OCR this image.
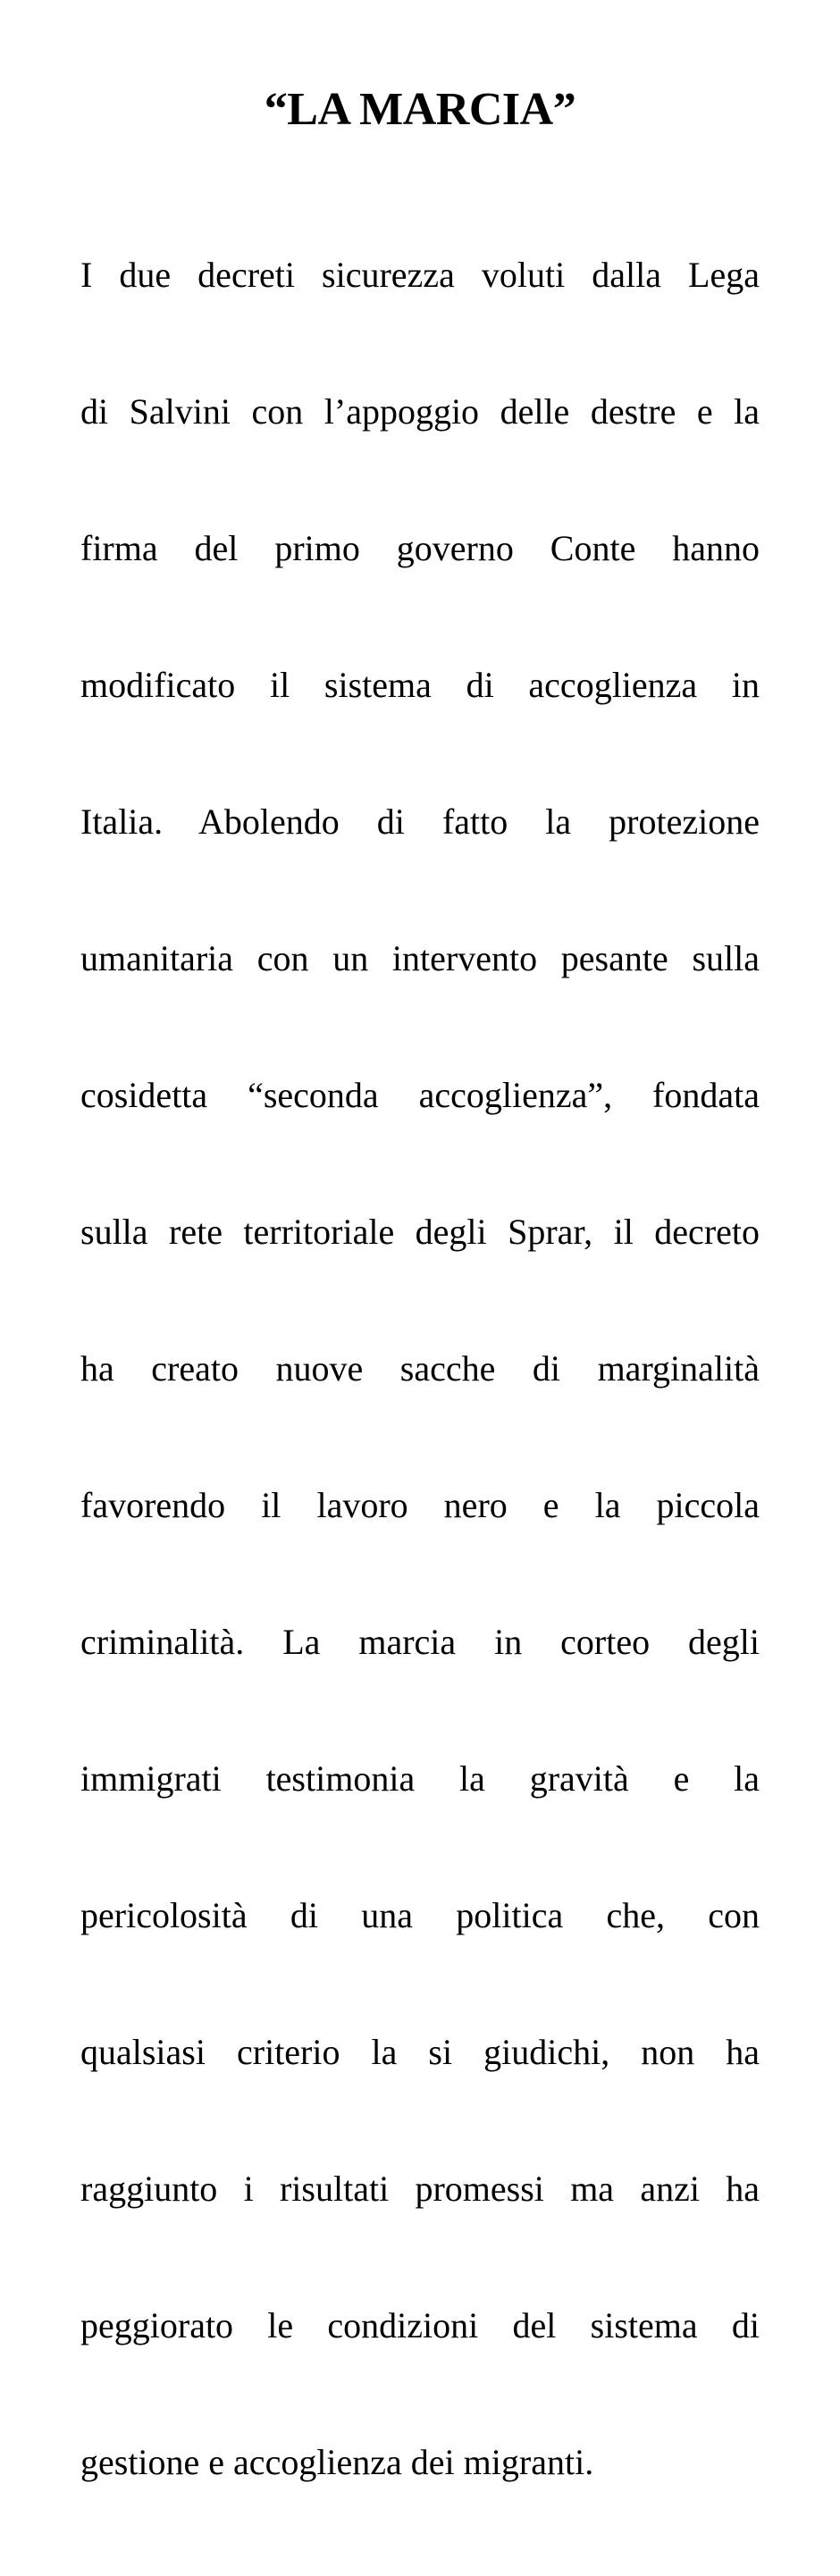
“LA MARCIA”

I due decreti sicurezza voluti dalla Lega

di Salvini con l’appoggio delle destre e la

firma del primo governo Conte hanno

modificato il sistema di accoglienza in

Italia. Abolendo di fatto la protezione

umanitaria con un intervento pesante sulla

cosidetta “seconda accoglienza”, fondata

sulla rete territoriale degli Sprar, il decreto

ha creato nuove sacche di marginalità

favorendo il lavoro nero e la piccola

criminalità. La marcia in corteo degli

immigrati testimonia la gravità e la

pericolosità di una politica che, con

qualsiasi criterio la si giudichi, non ha

raggiunto i risultati promessi ma anzi ha

peggiorato le condizioni del sistema di

gestione e accoglienza dei migranti.
